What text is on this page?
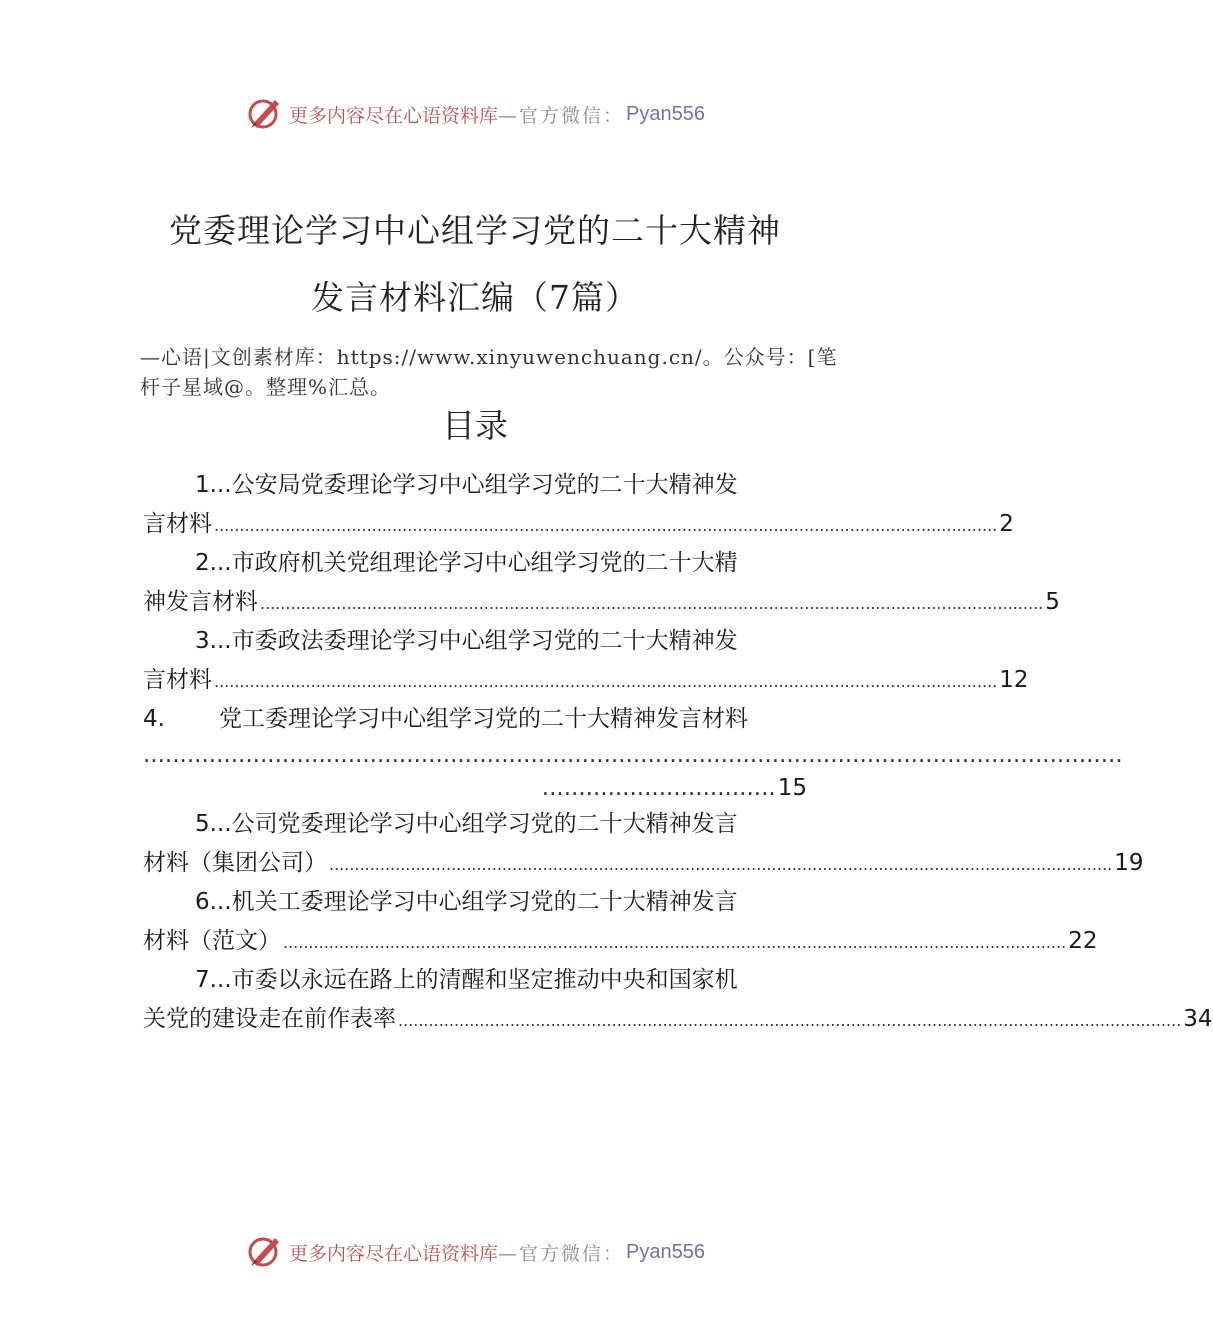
更多内容尽在心语资料库 —官方微信： Pyan556
党委理论学习中心组学习党的二十大精神
发言材料汇编（7篇）
—心语|文创素材库：https://www.xinyuwenchuang.cn/。公众号：[笔杆子星域@。整理%汇总。
目录
1.. .公安局党委理论学习中心组学习党的二十大精神发
言材料 .......................................................................................................................................................... 2
2.. .市政府机关党组理论学习中心组学习党的二十大精
神发言材料 .......................................................................................................................................................... 5
3.. .市委政法委理论学习中心组学习党的二十大精神发
言材料 .......................................................................................................................................................... 12
4.	党工委理论学习中心组学习党的二十大精神发言材料
......................................................................................................................................
................................ 15
5.. .公司党委理论学习中心组学习党的二十大精神发言
材料（集团公司） .......................................................................................................................................................... 19
6.. .机关工委理论学习中心组学习党的二十大精神发言
材料（范文） .......................................................................................................................................................... 22
7.. .市委以永远在路上的清醒和坚定推动中央和国家机
关党的建设走在前作表率 .......................................................................................................................................................... 34
更多内容尽在心语资料库 —官方微信： Pyan556
